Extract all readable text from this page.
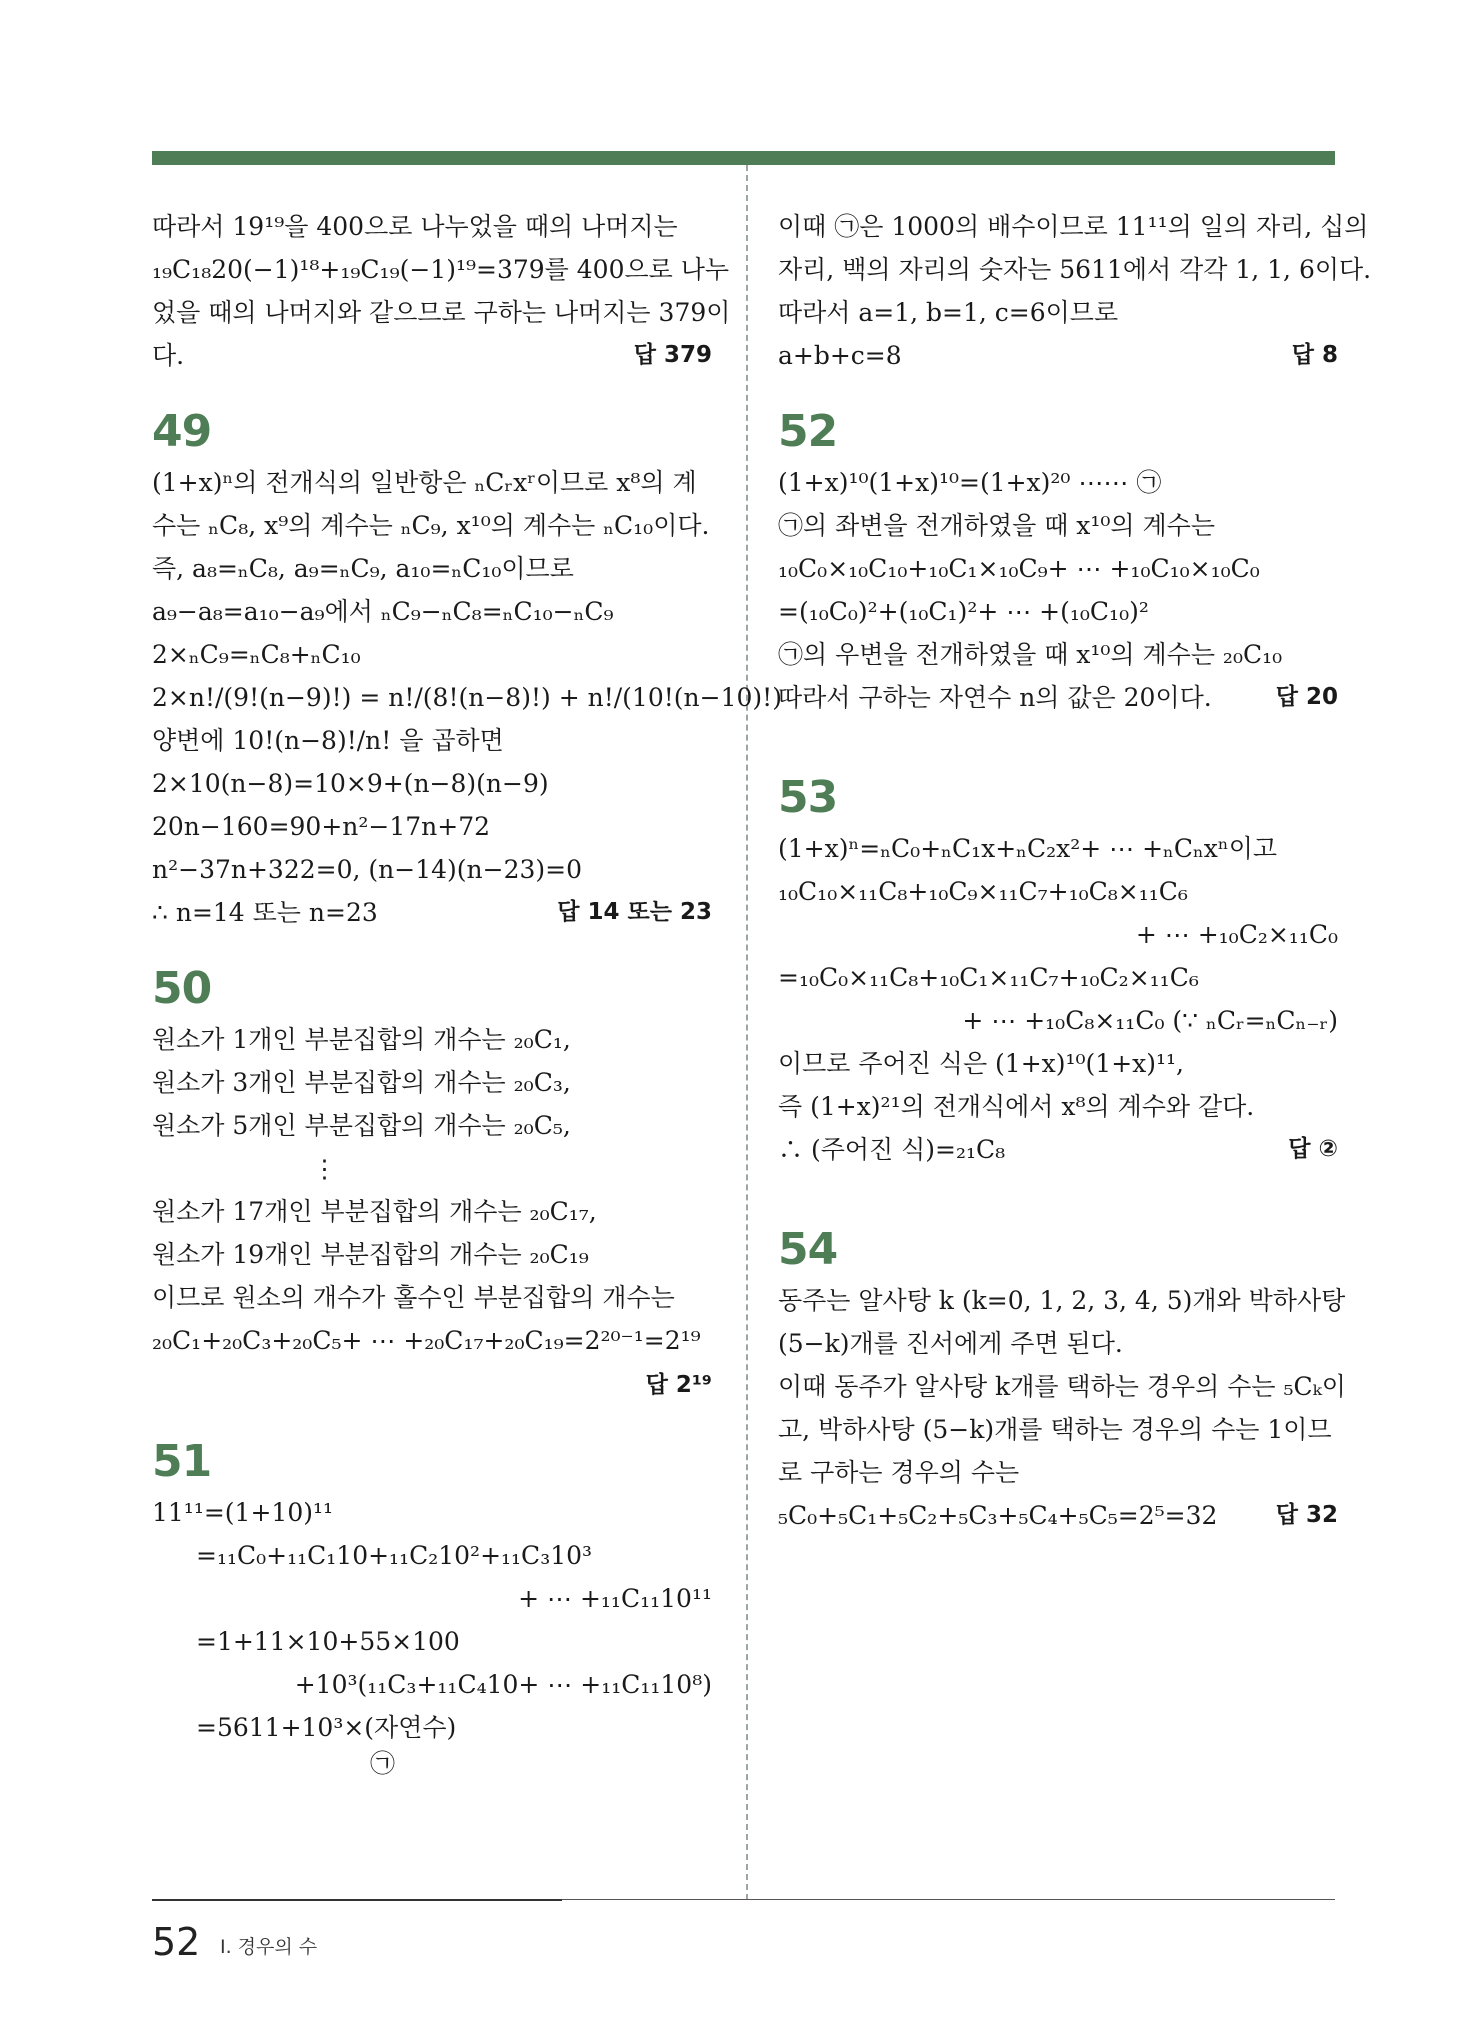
따라서 19¹⁹을 400으로 나누었을 때의 나머지는
₁₉C₁₈20(−1)¹⁸+₁₉C₁₉(−1)¹⁹=379를 400으로 나누
었을 때의 나머지와 같으므로 구하는 나머지는 379이
답 379
다.
49
(1+x)ⁿ의 전개식의 일반항은 ₙCᵣxʳ이므로 x⁸의 계
수는 ₙC₈, x⁹의 계수는 ₙC₉, x¹⁰의 계수는 ₙC₁₀이다.
즉, a₈=ₙC₈, a₉=ₙC₉, a₁₀=ₙC₁₀이므로
a₉−a₈=a₁₀−a₉에서 ₙC₉−ₙC₈=ₙC₁₀−ₙC₉
2×ₙC₉=ₙC₈+ₙC₁₀
2×n!/(9!(n−9)!) = n!/(8!(n−8)!) + n!/(10!(n−10)!)
양변에 10!(n−8)!/n! 을 곱하면
2×10(n−8)=10×9+(n−8)(n−9)
20n−160=90+n²−17n+72
n²−37n+322=0, (n−14)(n−23)=0
답 14 또는 23
∴ n=14 또는 n=23
50
원소가 1개인 부분집합의 개수는 ₂₀C₁,
원소가 3개인 부분집합의 개수는 ₂₀C₃,
원소가 5개인 부분집합의 개수는 ₂₀C₅,
⋮
원소가 17개인 부분집합의 개수는 ₂₀C₁₇,
원소가 19개인 부분집합의 개수는 ₂₀C₁₉
이므로 원소의 개수가 홀수인 부분집합의 개수는
₂₀C₁+₂₀C₃+₂₀C₅+ ⋯ +₂₀C₁₇+₂₀C₁₉=2²⁰⁻¹=2¹⁹
답 2¹⁹
51
11¹¹=(1+10)¹¹
=₁₁C₀+₁₁C₁10+₁₁C₂10²+₁₁C₃10³
+ ⋯ +₁₁C₁₁10¹¹
=1+11×10+55×100
+10³(₁₁C₃+₁₁C₄10+ ⋯ +₁₁C₁₁10⁸)
=5611+10³×(자연수)
㉠
이때 ㉠은 1000의 배수이므로 11¹¹의 일의 자리, 십의
자리, 백의 자리의 숫자는 5611에서 각각 1, 1, 6이다.
따라서 a=1, b=1, c=6이므로
답 8
a+b+c=8
52
(1+x)¹⁰(1+x)¹⁰=(1+x)²⁰ ⋯⋯ ㉠
㉠의 좌변을 전개하였을 때 x¹⁰의 계수는
₁₀C₀×₁₀C₁₀+₁₀C₁×₁₀C₉+ ⋯ +₁₀C₁₀×₁₀C₀
=(₁₀C₀)²+(₁₀C₁)²+ ⋯ +(₁₀C₁₀)²
㉠의 우변을 전개하였을 때 x¹⁰의 계수는 ₂₀C₁₀
답 20
따라서 구하는 자연수 n의 값은 20이다.
53
(1+x)ⁿ=ₙC₀+ₙC₁x+ₙC₂x²+ ⋯ +ₙCₙxⁿ이고
₁₀C₁₀×₁₁C₈+₁₀C₉×₁₁C₇+₁₀C₈×₁₁C₆
+ ⋯ +₁₀C₂×₁₁C₀
=₁₀C₀×₁₁C₈+₁₀C₁×₁₁C₇+₁₀C₂×₁₁C₆
+ ⋯ +₁₀C₈×₁₁C₀ (∵ ₙCᵣ=ₙCₙ₋ᵣ)
이므로 주어진 식은 (1+x)¹⁰(1+x)¹¹,
즉 (1+x)²¹의 전개식에서 x⁸의 계수와 같다.
답 ②
∴ (주어진 식)=₂₁C₈
54
동주는 알사탕 k (k=0, 1, 2, 3, 4, 5)개와 박하사탕
(5−k)개를 진서에게 주면 된다.
이때 동주가 알사탕 k개를 택하는 경우의 수는 ₅Cₖ이
고, 박하사탕 (5−k)개를 택하는 경우의 수는 1이므
로 구하는 경우의 수는
답 32
₅C₀+₅C₁+₅C₂+₅C₃+₅C₄+₅C₅=2⁵=32
52 Ⅰ. 경우의 수
